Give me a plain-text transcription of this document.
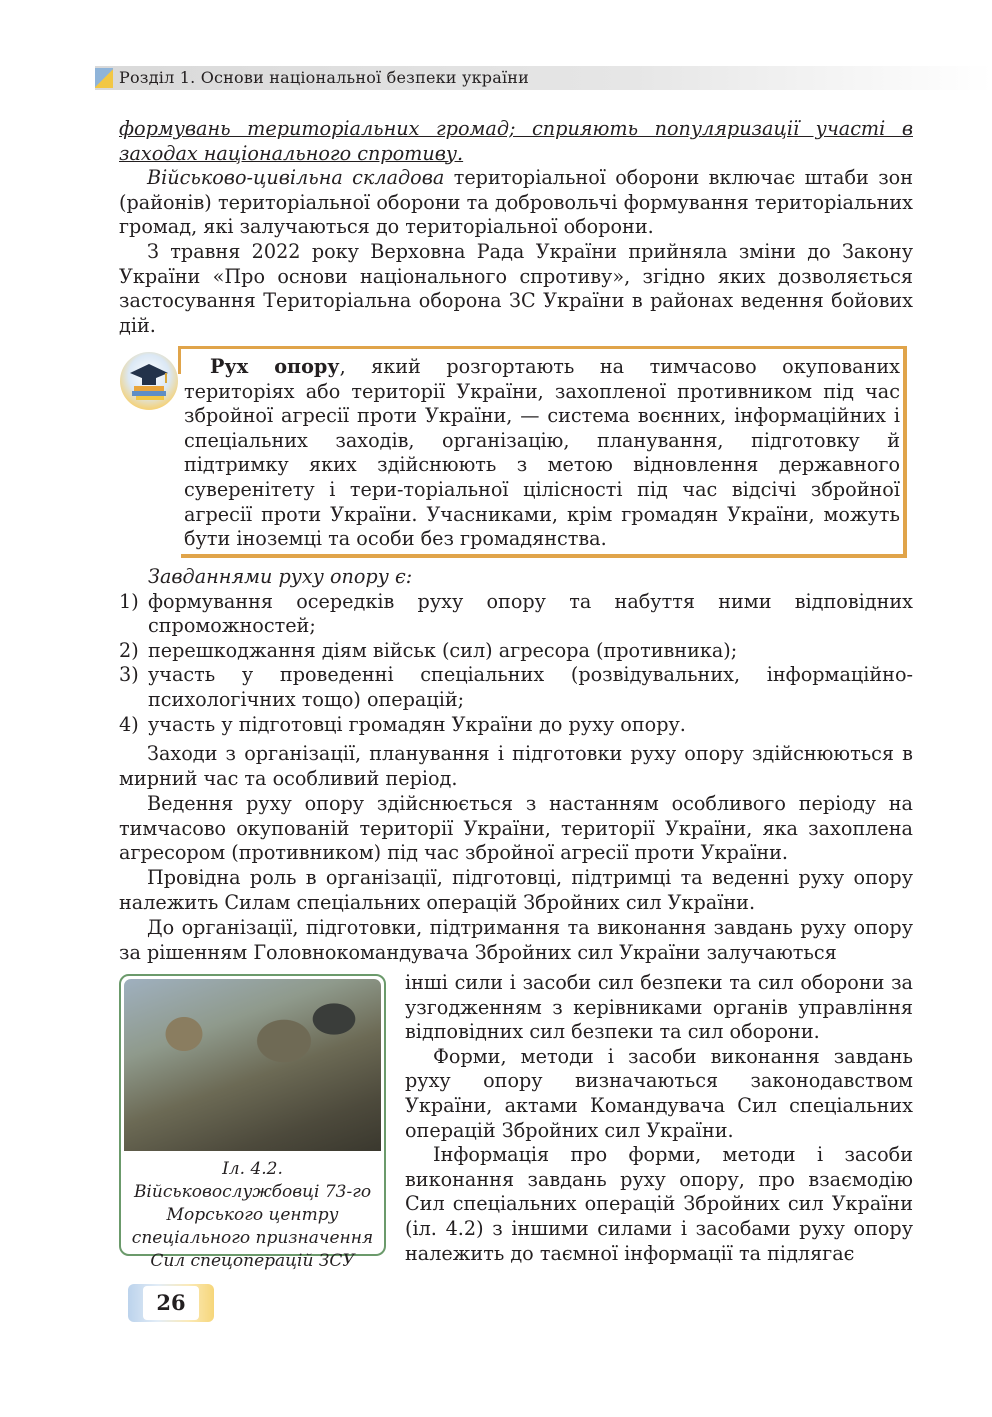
Розділ 1. Основи національної безпеки україни

формувань територіальних громад; сприяють популяризації участі в

заходах національного спротиву.

Військово-цивільна складова територіальної оборони включає штаби зон (районів) територіальної оборони та добровольчі формування територіальних громад, які залучаються до територіальної оборони.

З травня 2022 року Верховна Рада України прийняла зміни до Закону України «Про основи національного спротиву», згідно яких дозволяється застосування Територіальна оборона ЗС України в районах ведення бойових дій.

Рух опору, який розгортають на тимчасово окупованих територіях або території України, захопленої противником під час збройної агресії проти України, — система воєнних, інформаційних і спеціальних заходів, організацію, планування, підготовку й підтримку яких здійснюють з метою відновлення державного суверенітету і тери-торіальної цілісності під час відсічі збройної агресії проти України. Учасниками, крім громадян України, можуть бути іноземці та особи без громадянства.

Завданнями руху опору є:
1) формування осередків руху опору та набуття ними відповідних спроможностей;
2) перешкоджання діям військ (сил) агресора (противника);
3) участь у проведенні спеціальних (розвідувальних, інформаційно-психологічних тощо) операцій;
4) участь у підготовці громадян України до руху опору.

Заходи з організації, планування і підготовки руху опору здійснюються в мирний час та особливий період.

Ведення руху опору здійснюється з настанням особливого періоду на тимчасово окупованій території України, території України, яка захоплена агресором (противником) під час збройної агресії проти України.

Провідна роль в організації, підготовці, підтримці та веденні руху опору належить Силам спеціальних операцій Збройних сил України.

До організації, підготовки, підтримання та виконання завдань руху опору за рішенням Головнокомандувача Збройних сил України залучаються

Іл. 4.2. Військовослужбовці 73-го Морського центру спеціального призначення Сил спецоперацій ЗСУ

інші сили і засоби сил безпеки та сил оборони за узгодженням з керівниками органів управління відповідних сил безпеки та сил оборони.

Форми, методи і засоби виконання завдань руху опору визначаються законодавством України, актами Командувача Сил спеціальних операцій Збройних сил України.

Інформація про форми, методи і засоби виконання завдань руху опору, про взаємодію Сил спеціальних операцій Збройних сил України (іл. 4.2) з іншими силами і засобами руху опору належить до таємної інформації та підлягає

26
